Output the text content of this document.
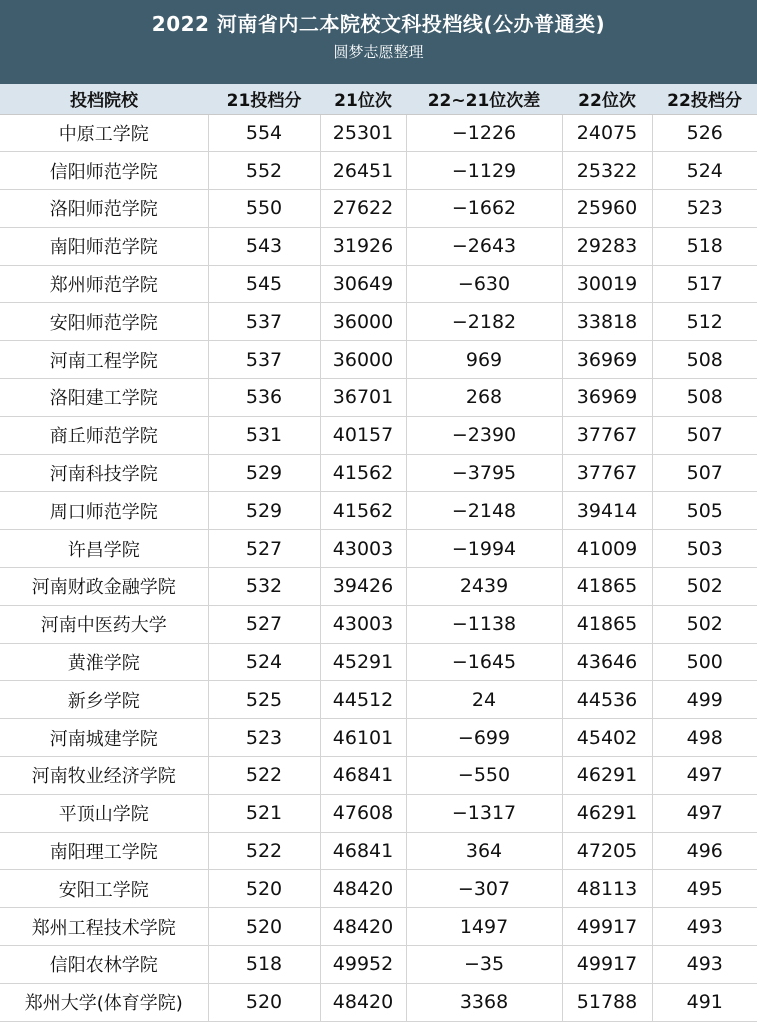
2022 河南省内二本院校文科投档线(公办普通类)
圆梦志愿整理
投档院校	21投档分	21位次	22~21位次差	22位次	22投档分
中原工学院	554	25301	−1226	24075	526
信阳师范学院	552	26451	−1129	25322	524
洛阳师范学院	550	27622	−1662	25960	523
南阳师范学院	543	31926	−2643	29283	518
郑州师范学院	545	30649	−630	30019	517
安阳师范学院	537	36000	−2182	33818	512
河南工程学院	537	36000	969	36969	508
洛阳建工学院	536	36701	268	36969	508
商丘师范学院	531	40157	−2390	37767	507
河南科技学院	529	41562	−3795	37767	507
周口师范学院	529	41562	−2148	39414	505
许昌学院	527	43003	−1994	41009	503
河南财政金融学院	532	39426	2439	41865	502
河南中医药大学	527	43003	−1138	41865	502
黄淮学院	524	45291	−1645	43646	500
新乡学院	525	44512	24	44536	499
河南城建学院	523	46101	−699	45402	498
河南牧业经济学院	522	46841	−550	46291	497
平顶山学院	521	47608	−1317	46291	497
南阳理工学院	522	46841	364	47205	496
安阳工学院	520	48420	−307	48113	495
郑州工程技术学院	520	48420	1497	49917	493
信阳农林学院	518	49952	−35	49917	493
郑州大学(体育学院)	520	48420	3368	51788	491
